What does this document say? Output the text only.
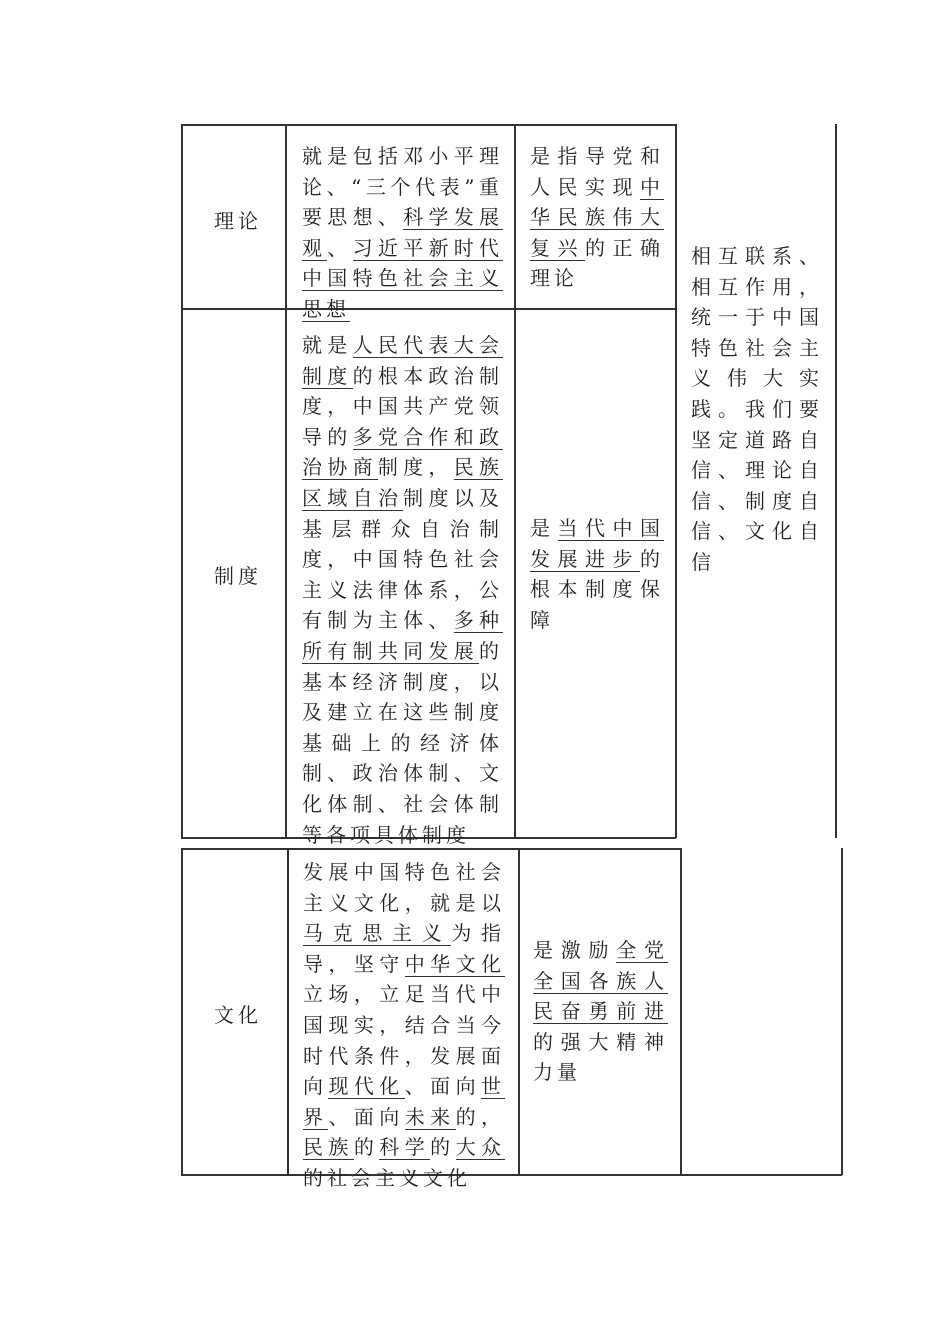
理论
制度
文化
就是包括邓小平理论、“三个代表”重要思想、科学发展观、习近平新时代中国特色社会主义思想
是指导党和人民实现中华民族伟大复兴的正确理论
就是人民代表大会制度的根本政治制度，中国共产党领导的多党合作和政治协商制度，民族区域自治制度以及基层群众自治制度，中国特色社会主义法律体系，公有制为主体、多种所有制共同发展的基本经济制度，以及建立在这些制度基础上的经济体制、政治体制、文化体制、社会体制等各项具体制度
是当代中国发展进步的根本制度保障
发展中国特色社会主义文化，就是以马克思主义为指导，坚守中华文化立场，立足当代中国现实，结合当今时代条件，发展面向现代化、面向世界、面向未来的，民族的科学的大众的社会主义文化
是激励全党全国各族人民奋勇前进的强大精神力量
相互联系、相互作用，统一于中国特色社会主义伟大实践。我们要坚定道路自信、理论自信、制度自信、文化自信
